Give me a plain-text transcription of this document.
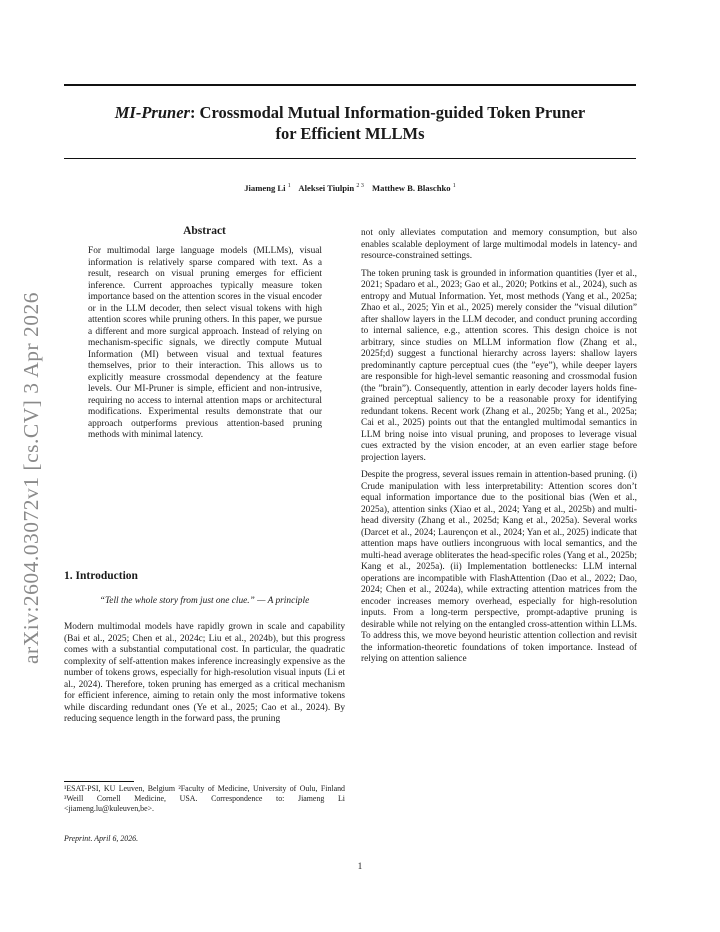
arXiv:2604.03072v1 [cs.CV] 3 Apr 2026
MI-Pruner: Crossmodal Mutual Information-guided Token Pruner
for Efficient MLLMs
Jiameng Li $^1$ Aleksei Tiulpin $^{2 3}$ Matthew B. Blaschko $^1$
Abstract
For multimodal large language models (MLLMs), visual information is relatively sparse compared with text. As a result, research on visual pruning emerges for efficient inference. Current approaches typically measure token importance based on the attention scores in the visual encoder or in the LLM decoder, then select visual tokens with high attention scores while pruning others. In this paper, we pursue a different and more surgical approach. Instead of relying on mechanism-specific signals, we directly compute Mutual Information (MI) between visual and textual features themselves, prior to their interaction. This allows us to explicitly measure crossmodal dependency at the feature levels. Our MI-Pruner is simple, efficient and non-intrusive, requiring no access to internal attention maps or architectural modifications. Experimental results demonstrate that our approach outperforms previous attention-based pruning methods with minimal latency.
1. Introduction
“Tell the whole story from just one clue.” — A principle
Modern multimodal models have rapidly grown in scale and capability (Bai et al., 2025; Chen et al., 2024c; Liu et al., 2024b), but this progress comes with a substantial computational cost. In particular, the quadratic complexity of self-attention makes inference increasingly expensive as the number of tokens grows, especially for high-resolution visual inputs (Li et al., 2024). Therefore, token pruning has emerged as a critical mechanism for efficient inference, aiming to retain only the most informative tokens while discarding redundant ones (Ye et al., 2025; Cao et al., 2024). By reducing sequence length in the forward pass, the pruning
¹ESAT-PSI, KU Leuven, Belgium ²Faculty of Medicine, University of Oulu, Finland ³Weill Cornell Medicine, USA. Correspondence to: Jiameng Li <jiameng.lu@kuleuven,be>.
Preprint. April 6, 2026.

not only alleviates computation and memory consumption, but also enables scalable deployment of large multimodal models in latency- and resource-constrained settings.

The token pruning task is grounded in information quantities (Iyer et al., 2021; Spadaro et al., 2023; Gao et al., 2020; Potkins et al., 2024), such as entropy and Mutual Information. Yet, most methods (Yang et al., 2025a; Zhao et al., 2025; Yin et al., 2025) merely consider the ”visual dilution” after shallow layers in the LLM decoder, and conduct pruning according to internal salience, e.g., attention scores. This design choice is not arbitrary, since studies on MLLM information flow (Zhang et al., 2025f;d) suggest a functional hierarchy across layers: shallow layers predominantly capture perceptual cues (the ”eye”), while deeper layers are responsible for high-level semantic reasoning and crossmodal fusion (the ”brain”). Consequently, attention in early decoder layers holds fine-grained perceptual saliency to be a reasonable proxy for identifying redundant tokens. Recent work (Zhang et al., 2025b; Yang et al., 2025a; Cai et al., 2025) points out that the entangled multimodal semantics in LLM bring noise into visual pruning, and proposes to leverage visual cues extracted by the vision encoder, at an even earlier stage before projection layers.

Despite the progress, several issues remain in attention-based pruning. (i) Crude manipulation with less interpretability: Attention scores don’t equal information importance due to the positional bias (Wen et al., 2025a), attention sinks (Xiao et al., 2024; Yang et al., 2025b) and multi-head diversity (Zhang et al., 2025d; Kang et al., 2025a). Several works (Darcet et al., 2024; Laurençon et al., 2024; Yan et al., 2025) indicate that attention maps have outliers incongruous with local semantics, and the multi-head average obliterates the head-specific roles (Yang et al., 2025b; Kang et al., 2025a). (ii) Implementation bottlenecks: LLM internal operations are incompatible with FlashAttention (Dao et al., 2022; Dao, 2024; Chen et al., 2024a), while extracting attention matrices from the encoder increases memory overhead, especially for high-resolution inputs. From a long-term perspective, prompt-adaptive pruning is desirable while not relying on the entangled cross-attention within LLMs. To address this, we move beyond heuristic attention collection and revisit the information-theoretic foundations of token importance. Instead of relying on attention salience

1
